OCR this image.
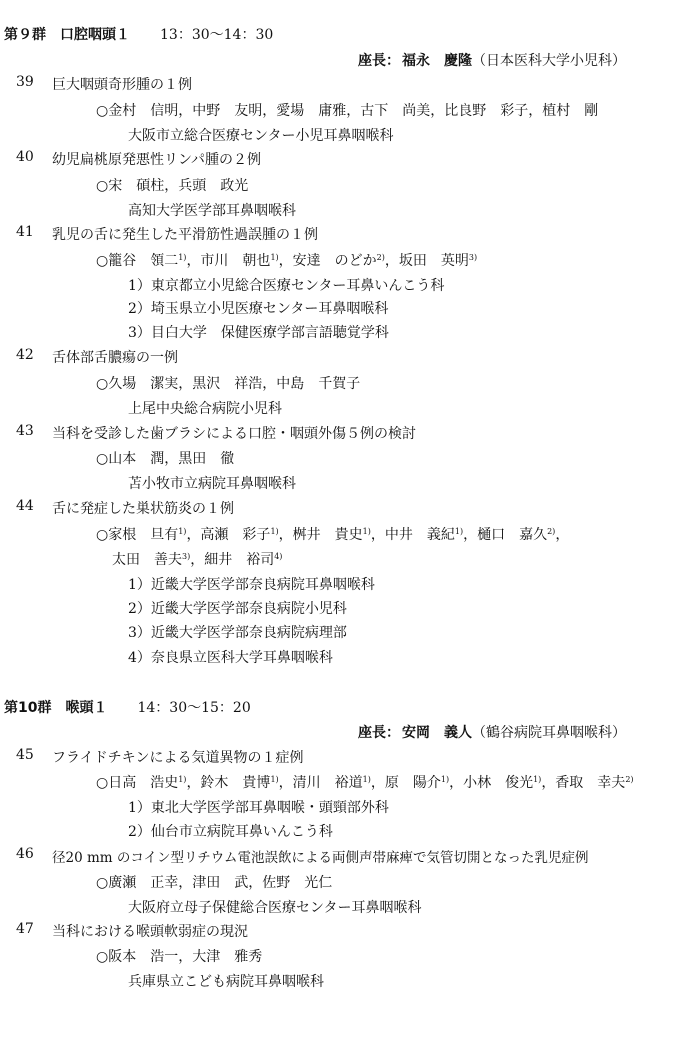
第９群 口腔咽頭１ 13：30〜14：30
座長： 福永　慶隆（日本医科大学小児科）
39	巨大咽頭奇形腫の１例
○金村　信明，中野　友明，愛場　庸雅，古下　尚美，比良野　彩子，植村　剛
大阪市立総合医療センター小児耳鼻咽喉科
40	幼児扁桃原発悪性リンパ腫の２例
○宋　碩柱，兵頭　政光
高知大学医学部耳鼻咽喉科
41	乳児の舌に発生した平滑筋性過誤腫の１例
○籠谷　領二$^{1)}$，市川　朝也$^{1)}$，安達　のどか$^{2)}$，坂田　英明$^{3)}$
1）東京都立小児総合医療センター耳鼻いんこう科
2）埼玉県立小児医療センター耳鼻咽喉科
3）目白大学　保健医療学部言語聴覚学科
42	舌体部舌膿瘍の一例
○久場　潔実，黒沢　祥浩，中島　千賀子
上尾中央総合病院小児科
43	当科を受診した歯ブラシによる口腔・咽頭外傷５例の検討
○山本　潤，黒田　徹
苫小牧市立病院耳鼻咽喉科
44	舌に発症した巣状筋炎の１例
○家根　旦有$^{1)}$，高瀬　彩子$^{1)}$，桝井　貴史$^{1)}$，中井　義紀$^{1)}$，樋口　嘉久$^{2)}$，
太田　善夫$^{3)}$，細井　裕司$^{4)}$
1）近畿大学医学部奈良病院耳鼻咽喉科
2）近畿大学医学部奈良病院小児科
3）近畿大学医学部奈良病院病理部
4）奈良県立医科大学耳鼻咽喉科
第10群 喉頭１ 14：30〜15：20
座長： 安岡　義人（鶴谷病院耳鼻咽喉科）
45	フライドチキンによる気道異物の１症例
○日高　浩史$^{1)}$，鈴木　貴博$^{1)}$，清川　裕道$^{1)}$，原　陽介$^{1)}$，小林　俊光$^{1)}$，香取　幸夫$^{2)}$
1）東北大学医学部耳鼻咽喉・頭頸部外科
2）仙台市立病院耳鼻いんこう科
46	径20 mm のコイン型リチウム電池誤飲による両側声帯麻痺で気管切開となった乳児症例
○廣瀬　正幸，津田　武，佐野　光仁
大阪府立母子保健総合医療センター耳鼻咽喉科
47	当科における喉頭軟弱症の現況
○阪本　浩一，大津　雅秀
兵庫県立こども病院耳鼻咽喉科
